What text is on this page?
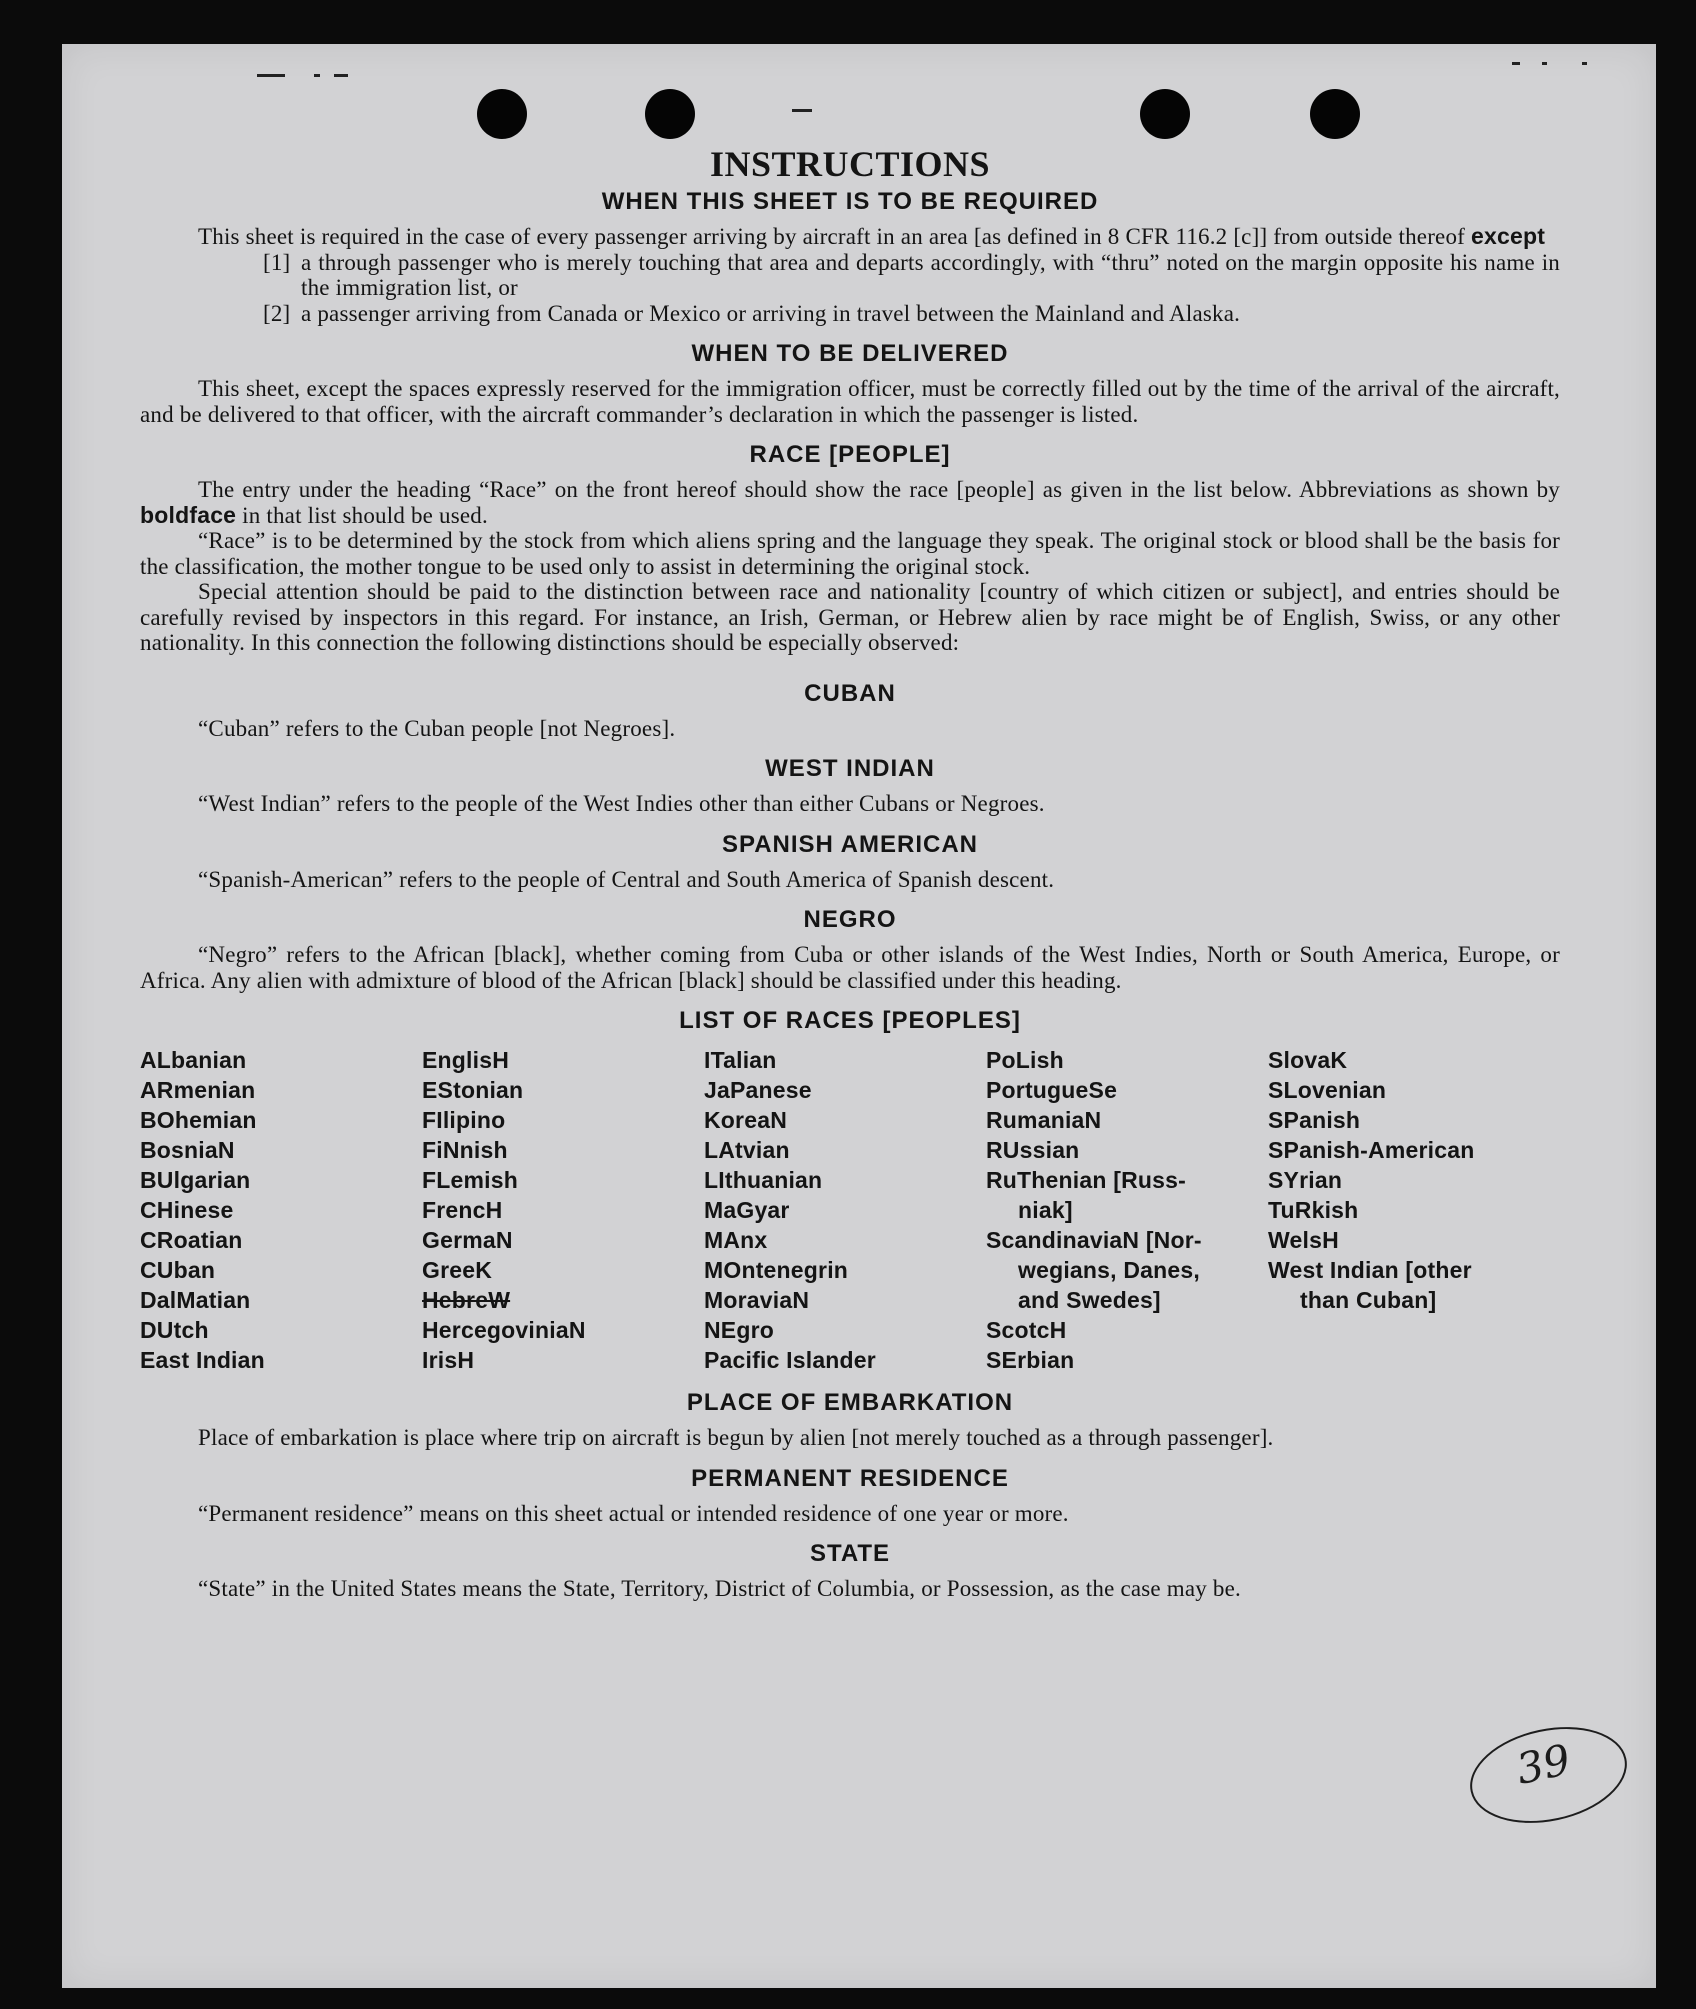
INSTRUCTIONS
WHEN THIS SHEET IS TO BE REQUIRED

This sheet is required in the case of every passenger arriving by aircraft in an area [as defined in 8 CFR 116.2 [c]] from outside thereof except

[1] a through passenger who is merely touching that area and departs accordingly, with “thru” noted on the margin opposite his name in the immigration list, or
[2] a passenger arriving from Canada or Mexico or arriving in travel between the Mainland and Alaska.
WHEN TO BE DELIVERED

This sheet, except the spaces expressly reserved for the immigration officer, must be correctly filled out by the time of the arrival of the aircraft, and be delivered to that officer, with the aircraft commander’s declaration in which the passenger is listed.

RACE [PEOPLE]

The entry under the heading “Race” on the front hereof should show the race [people] as given in the list below. Abbreviations as shown by boldface in that list should be used.

“Race” is to be determined by the stock from which aliens spring and the language they speak. The original stock or blood shall be the basis for the classification, the mother tongue to be used only to assist in determining the original stock.

Special attention should be paid to the distinction between race and nationality [country of which citizen or subject], and entries should be carefully revised by inspectors in this regard. For instance, an Irish, German, or Hebrew alien by race might be of English, Swiss, or any other nationality. In this connection the following distinctions should be especially observed:

CUBAN

“Cuban” refers to the Cuban people [not Negroes].

WEST INDIAN

“West Indian” refers to the people of the West Indies other than either Cubans or Negroes.

SPANISH AMERICAN

“Spanish-American” refers to the people of Central and South America of Spanish descent.

NEGRO

“Negro” refers to the African [black], whether coming from Cuba or other islands of the West Indies, North or South America, Europe, or Africa. Any alien with admixture of blood of the African [black] should be classified under this heading.

LIST OF RACES [PEOPLES]
ALbanian
ARmenian
BOhemian
BosniaN
BUlgarian
CHinese
CRoatian
CUban
DalMatian
DUtch
East Indian
EnglisH
EStonian
FIlipino
FiNnish
FLemish
FrencH
GermaN
GreeK
HebreW
HercegoviniaN
IrisH
ITalian
JaPanese
KoreaN
LAtvian
LIthuanian
MaGyar
MAnx
MOntenegrin
MoraviaN
NEgro
Pacific Islander
PoLish
PortugueSe
RumaniaN
RUssian
RuThenian [Russ-
niak]
ScandinaviaN [Nor-
wegians, Danes,
and Swedes]
ScotcH
SErbian
SlovaK
SLovenian
SPanish
SPanish-American
SYrian
TuRkish
WelsH
West Indian [other
than Cuban]
PLACE OF EMBARKATION

Place of embarkation is place where trip on aircraft is begun by alien [not merely touched as a through passenger].

PERMANENT RESIDENCE

“Permanent residence” means on this sheet actual or intended residence of one year or more.

STATE

“State” in the United States means the State, Territory, District of Columbia, or Possession, as the case may be.

39
